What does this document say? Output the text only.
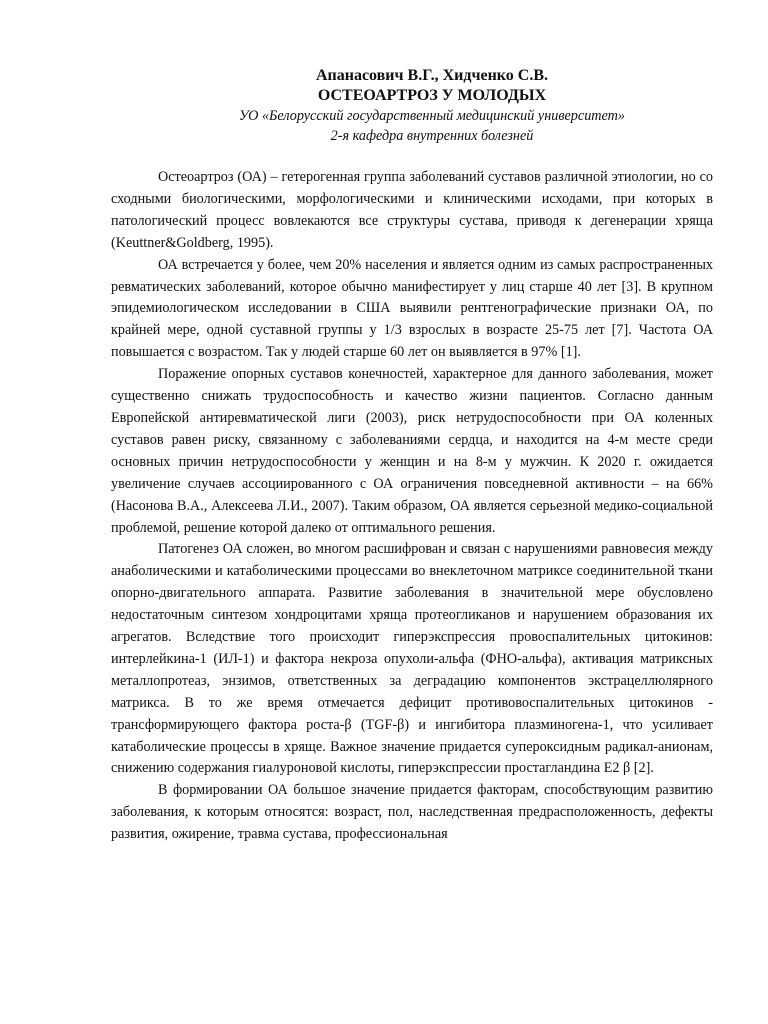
Апанасович В.Г., Хидченко С.В.
ОСТЕОАРТРОЗ У МОЛОДЫХ
УО «Белорусский государственный медицинский университет»
2-я кафедра внутренних болезней

Остеоартроз (ОА) – гетерогенная группа заболеваний суставов различной этиологии, но со сходными биологическими, морфологическими и клиническими исходами, при которых в патологический процесс вовлекаются все структуры сустава, приводя к дегенерации хряща (Keuttner&Goldberg, 1995).

ОА встречается у более, чем 20% населения и является одним из самых распространенных ревматических заболеваний, которое обычно манифестирует у лиц старше 40 лет [3]. В крупном эпидемиологическом исследовании в США выявили рентгенографические признаки ОА, по крайней мере, одной суставной группы у 1/3 взрослых в возрасте 25-75 лет [7]. Частота ОА повышается с возрастом. Так у людей старше 60 лет он выявляется в 97% [1].

Поражение опорных суставов конечностей, характерное для данного заболевания, может существенно снижать трудоспособность и качество жизни пациентов. Согласно данным Европейской антиревматической лиги (2003), риск нетрудоспособности при ОА коленных суставов равен риску, связанному с заболеваниями сердца, и находится на 4-м месте среди основных причин нетрудоспособности у женщин и на 8-м у мужчин. К 2020 г. ожидается увеличение случаев ассоциированного с ОА ограничения повседневной активности – на 66% (Насонова В.А., Алексеева Л.И., 2007). Таким образом, ОА является серьезной медико-социальной проблемой, решение которой далеко от оптимального решения.

Патогенез ОА сложен, во многом расшифрован и связан с нарушениями равновесия между анаболическими и катаболическими процессами во внеклеточном матриксе соединительной ткани опорно-двигательного аппарата. Развитие заболевания в значительной мере обусловлено недостаточным синтезом хондроцитами хряща протеогликанов и нарушением образования их агрегатов. Вследствие того происходит гиперэкспрессия провоспалительных цитокинов: интерлейкина-1 (ИЛ-1) и фактора некроза опухоли-альфа (ФНО-альфа), активация матриксных металлопротеаз, энзимов, ответственных за деградацию компонентов экстрацеллюлярного матрикса. В то же время отмечается дефицит противовоспалительных цитокинов - трансформирующего фактора роста-β (TGF-β) и ингибитора плазминогена-1, что усиливает катаболические процессы в хряще. Важное значение придается супероксидным радикал-анионам, снижению содержания гиалуроновой кислоты, гиперэкспрессии простагландина Е2 β [2].

В формировании ОА большое значение придается факторам, способствующим развитию заболевания, к которым относятся: возраст, пол, наследственная предрасположенность, дефекты развития, ожирение, травма сустава, профессиональная
